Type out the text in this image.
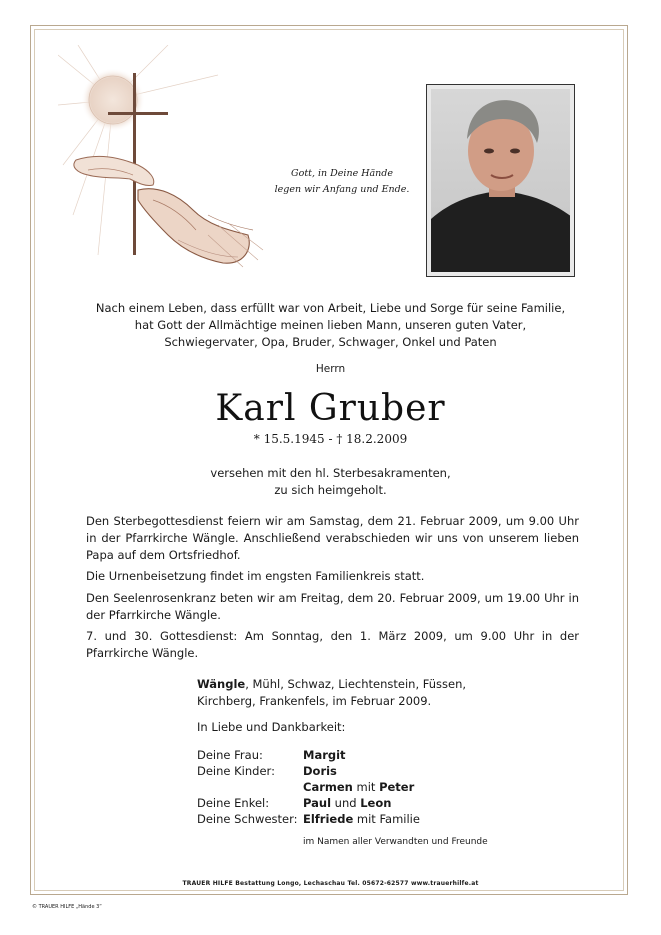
Gott, in Deine Hände
legen wir Anfang und Ende.
Nach einem Leben, dass erfüllt war von Arbeit, Liebe und Sorge für seine Familie,
hat Gott der Allmächtige meinen lieben Mann, unseren guten Vater,
Schwiegervater, Opa, Bruder, Schwager, Onkel und Paten
Herrn
Karl Gruber
* 15.5.1945 - † 18.2.2009
versehen mit den hl. Sterbesakramenten,
zu sich heimgeholt.
Den Sterbegottesdienst feiern wir am Samstag, dem 21. Februar 2009, um 9.00 Uhr in der Pfarrkirche Wängle. Anschließend verabschieden wir uns von unserem lieben Papa auf dem Ortsfriedhof.
Die Urnenbeisetzung findet im engsten Familienkreis statt.
Den Seelenrosenkranz beten wir am Freitag, dem 20. Februar 2009, um 19.00 Uhr in der Pfarrkirche Wängle.
7. und 30. Gottesdienst: Am Sonntag, den 1. März 2009, um 9.00 Uhr in der Pfarrkirche Wängle.
Wängle, Mühl, Schwaz, Liechtenstein, Füssen,
Kirchberg, Frankenfels, im Februar 2009.
In Liebe und Dankbarkeit:
Deine Frau:	Margit
Deine Kinder: Doris
Carmen mit Peter
Deine Enkel:	Paul und Leon
Deine Schwester: Elfriede mit Familie
im Namen aller Verwandten und Freunde
TRAUER HILFE Bestattung Longo, Lechaschau Tel. 05672-62577 www.trauerhilfe.at
© TRAUER HILFE „Hände 3“
